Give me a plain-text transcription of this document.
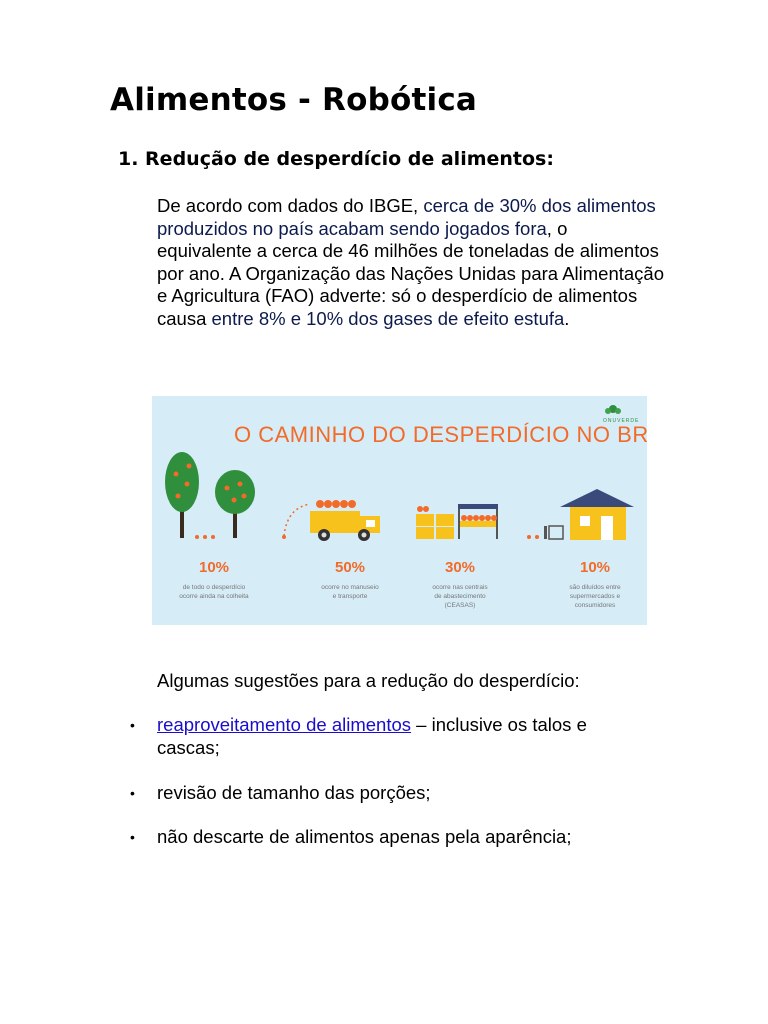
Alimentos - Robótica
1. Redução de desperdício de alimentos:

De acordo com dados do IBGE, cerca de 30% dos alimentos produzidos no país acabam sendo jogados fora, o equivalente a cerca de 46 milhões de toneladas de alimentos por ano. A Organização das Nações Unidas para Alimentação e Agricultura (FAO) adverte: só o desperdício de alimentos causa entre 8% e 10% dos gases de efeito estufa.

O CAMINHO DO DESPERDÍCIO NO BR
ONUVERDE
10%
de todo o desperdício
ocorre ainda na colheita
50%
ocorre no manuseio
e transporte
30%
ocorre nas centrais
de abastecimento
(CEASAS)
10%
são diluídos entre
supermercados e
consumidores

Algumas sugestões para a redução do desperdício:

• reaproveitamento de alimentos – inclusive os talos e cascas;
• revisão de tamanho das porções;
• não descarte de alimentos apenas pela aparência;
